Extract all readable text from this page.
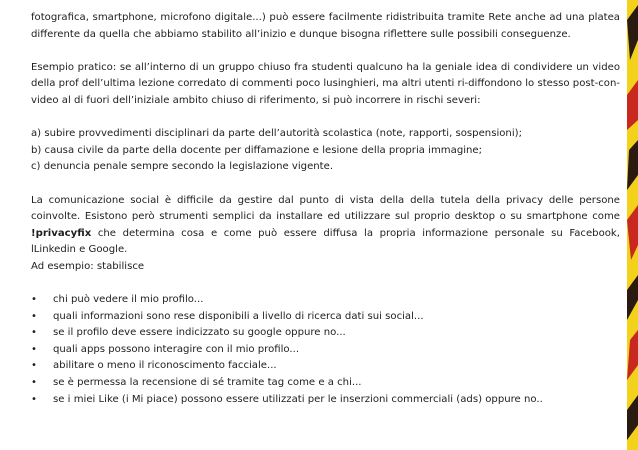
fotografica, smartphone, microfono digitale...) può essere facilmente ridistribuita tramite Rete anche ad una platea differente da quella che abbiamo stabilito all’inizio e dunque bisogna riflettere sulle possibili conseguenze.

Esempio pratico: se all’interno di un gruppo chiuso fra studenti qualcuno ha la geniale idea di condividere un video della prof dell’ultima lezione corredato di commenti poco lusinghieri, ma altri utenti ri-diffondono lo stesso post-con-video al di fuori dell’iniziale ambito chiuso di riferimento, si può incorrere in rischi severi:

a) subire provvedimenti disciplinari da parte dell’autorità scolastica (note, rapporti, sospensioni);

b) causa civile da parte della docente per diffamazione e lesione della propria immagine;

c) denuncia penale sempre secondo la legislazione vigente.

La comunicazione social è difficile da gestire dal punto di vista della della tutela della privacy delle persone coinvolte. Esistono però strumenti semplici da installare ed utilizzare sul proprio desktop o su smartphone come !privacyfix che determina cosa e come può essere diffusa la propria informazione personale su Facebook, lLinkedin e Google.

Ad esempio: stabilisce

• chi può vedere il mio profilo...
• quali informazioni sono rese disponibili a livello di ricerca dati sui social...
• se il profilo deve essere indicizzato su google oppure no...
• quali apps possono interagire con il mio profilo...
• abilitare o meno il riconoscimento facciale...
• se è permessa la recensione di sé tramite tag come e a chi...
• se i miei Like (i Mi piace) possono essere utilizzati per le inserzioni commerciali (ads) oppure no..
